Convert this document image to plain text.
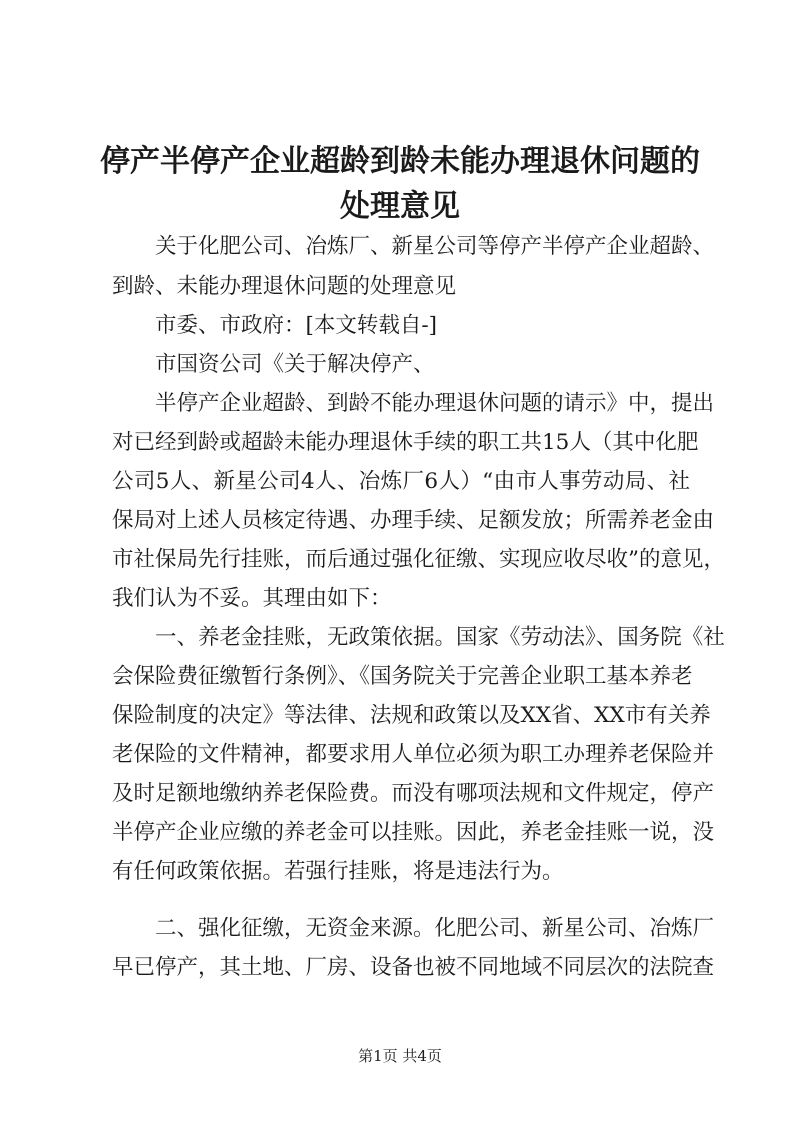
停产半停产企业超龄到龄未能办理退休问题的
处理意见

关于化肥公司、冶炼厂、新星公司等停产半停产企业超龄、

到龄、未能办理退休问题的处理意见

市委、市政府：[本文转载自-]

市国资公司《关于解决停产、

半停产企业超龄、到龄不能办理退休问题的请示》中，提出

对已经到龄或超龄未能办理退休手续的职工共15人（其中化肥

公司5人、新星公司4人、冶炼厂6人）“由市人事劳动局、社

保局对上述人员核定待遇、办理手续、足额发放；所需养老金由

市社保局先行挂账，而后通过强化征缴、实现应收尽收”的意见，

我们认为不妥。其理由如下：

一、养老金挂账，无政策依据。国家《劳动法》、国务院《社

会保险费征缴暂行条例》、《国务院关于完善企业职工基本养老

保险制度的决定》等法律、法规和政策以及XX省、XX市有关养

老保险的文件精神，都要求用人单位必须为职工办理养老保险并

及时足额地缴纳养老保险费。而没有哪项法规和文件规定，停产

半停产企业应缴的养老金可以挂账。因此，养老金挂账一说，没

有任何政策依据。若强行挂账，将是违法行为。

二、强化征缴，无资金来源。化肥公司、新星公司、冶炼厂

早已停产，其土地、厂房、设备也被不同地域不同层次的法院查

第1页 共4页
